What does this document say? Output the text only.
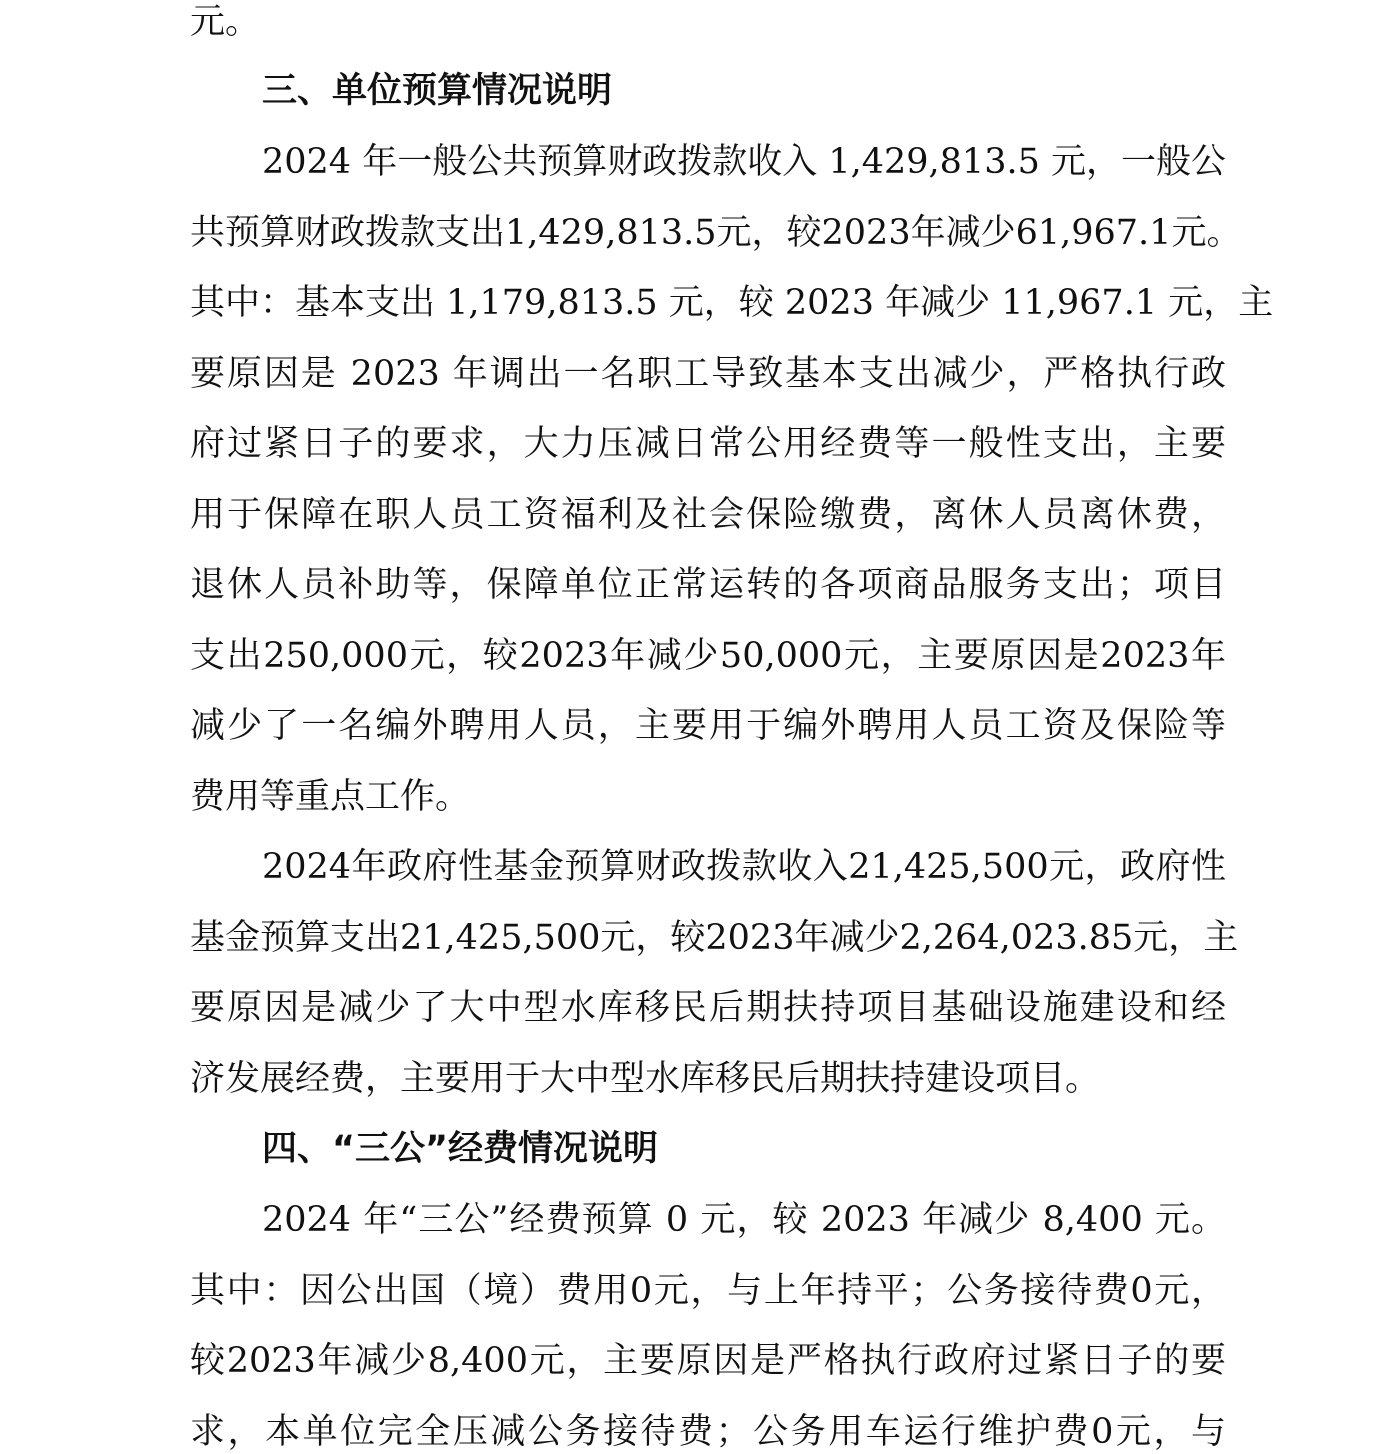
元。
三、单位预算情况说明
2024 年一般公共预算财政拨款收入 1,429,813.5 元，一般公
共预算财政拨款支出1,429,813.5元，较2023年减少61,967.1元。
其中：基本支出 1,179,813.5 元，较 2023 年减少 11,967.1 元，主
要原因是 2023 年调出一名职工导致基本支出减少，严格执行政
府过紧日子的要求，大力压减日常公用经费等一般性支出，主要
用于保障在职人员工资福利及社会保险缴费，离休人员离休费，
退休人员补助等，保障单位正常运转的各项商品服务支出；项目
支出250,000元，较2023年减少50,000元，主要原因是2023年
减少了一名编外聘用人员，主要用于编外聘用人员工资及保险等
费用等重点工作。
2024年政府性基金预算财政拨款收入21,425,500元，政府性
基金预算支出21,425,500元，较2023年减少2,264,023.85元，主
要原因是减少了大中型水库移民后期扶持项目基础设施建设和经
济发展经费，主要用于大中型水库移民后期扶持建设项目。
四、“三公”经费情况说明
2024 年“三公”经费预算 0 元，较 2023 年减少 8,400 元。
其中：因公出国（境）费用0元，与上年持平；公务接待费0元，
较2023年减少8,400元，主要原因是严格执行政府过紧日子的要
求，本单位完全压减公务接待费；公务用车运行维护费0元，与
